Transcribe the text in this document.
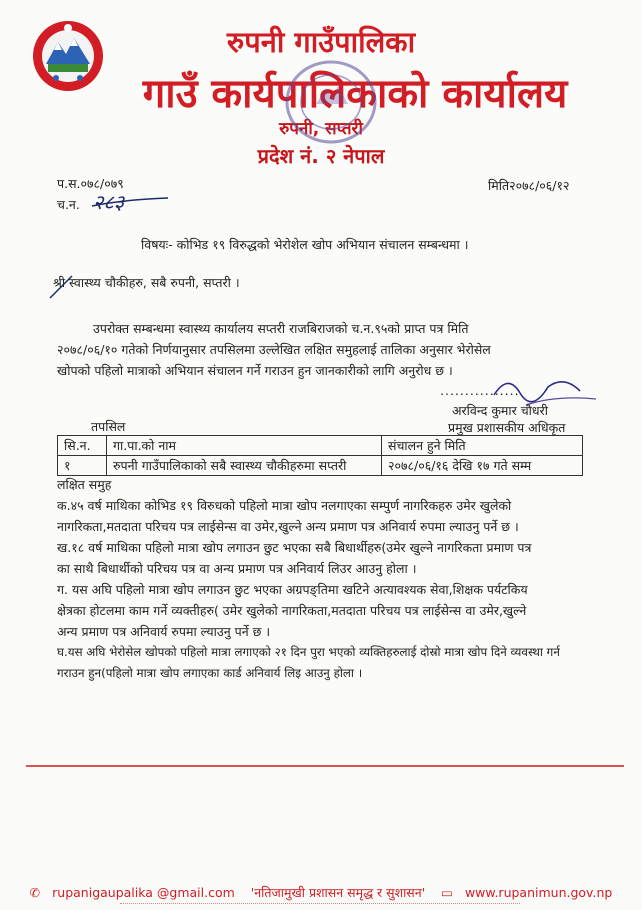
रुपनी गाउँपालिका
गाउँ कार्यपालिकाको कार्यालय
रुपनी, सप्तरी
प्रदेश नं. २ नेपाल
प.स.०७८/०७९
च.न. २८३
मिति२०७८/०६/१२
विषयः- कोभिड १९ विरुद्धको भेरोशेल खोप अभियान संचालन सम्बन्धमा ।
श्री स्वास्थ्य चौकीहरु, सबै रुपनी, सप्तरी ।
उपरोक्त सम्बन्धमा स्वास्थ्य कार्यालय सप्तरी राजबिराजको च.न.९५को प्राप्त पत्र मिति
२०७८/०६/१० गतेको निर्णयानुसार तपसिलमा उल्लेखित लक्षित समुहलाई तालिका अनुसार भेरोसेल
खोपको पहिलो मात्राको अभियान संचालन गर्ने गराउन हुन जानकारीको लागि अनुरोध छ ।
................
अरविन्द कुमार चौधरी
प्रमुख प्रशासकीय अधिकृत
तपसिल
सि.न.	गा.पा.को नाम	संचालन हुने मिति
१	रुपनी गाउँपालिकाको सबै स्वास्थ्य चौकीहरुमा सप्तरी	२०७८/०६/१६ देखि १७ गते सम्म
लक्षित समुह
क.४५ वर्ष माथिका कोभिड १९ विरुधको पहिलो मात्रा खोप नलगाएका सम्पुर्ण नागरिकहरु उमेर खुलेको
नागरिकता,मतदाता परिचय पत्र लाईसेन्स वा उमेर,खुल्ने अन्य प्रमाण पत्र अनिवार्य रुपमा ल्याउनु पर्ने छ ।
ख.१८ वर्ष माथिका पहिलो मात्रा खोप लगाउन छुट भएका सबै बिधार्थीहरु(उमेर खुल्ने नागरिकता प्रमाण पत्र
का साथै बिधार्थीको परिचय पत्र वा अन्य प्रमाण पत्र अनिवार्य लिउर आउनु होला ।
ग. यस अघि पहिलो मात्रा खोप लगाउन छुट भएका अग्रपङ्तिमा खटिने अत्यावश्यक सेवा,शिक्षक पर्यटकिय
क्षेत्रका होटलमा काम गर्ने व्यक्तीहरु( उमेर खुलेको नागरिकता,मतदाता परिचय पत्र लाईसेन्स वा उमेर,खुल्ने
अन्य प्रमाण पत्र अनिवार्य रुपमा ल्याउनु पर्ने छ ।
घ.यस अघि भेरोसेल खोपको पहिलो मात्रा लगाएको २१ दिन पुरा भएको व्यक्तिहरुलाई दोस्रो मात्रा खोप दिने व्यवस्था गर्न
गराउन हुन(पहिलो मात्रा खोप लगाएका कार्ड अनिवार्य लिइ आउनु होला ।
✆ rupanigaupalika @gmail.com 'नतिजामुखी प्रशासन समृद्ध र सुशासन' ▭ www.rupanimun.gov.np
